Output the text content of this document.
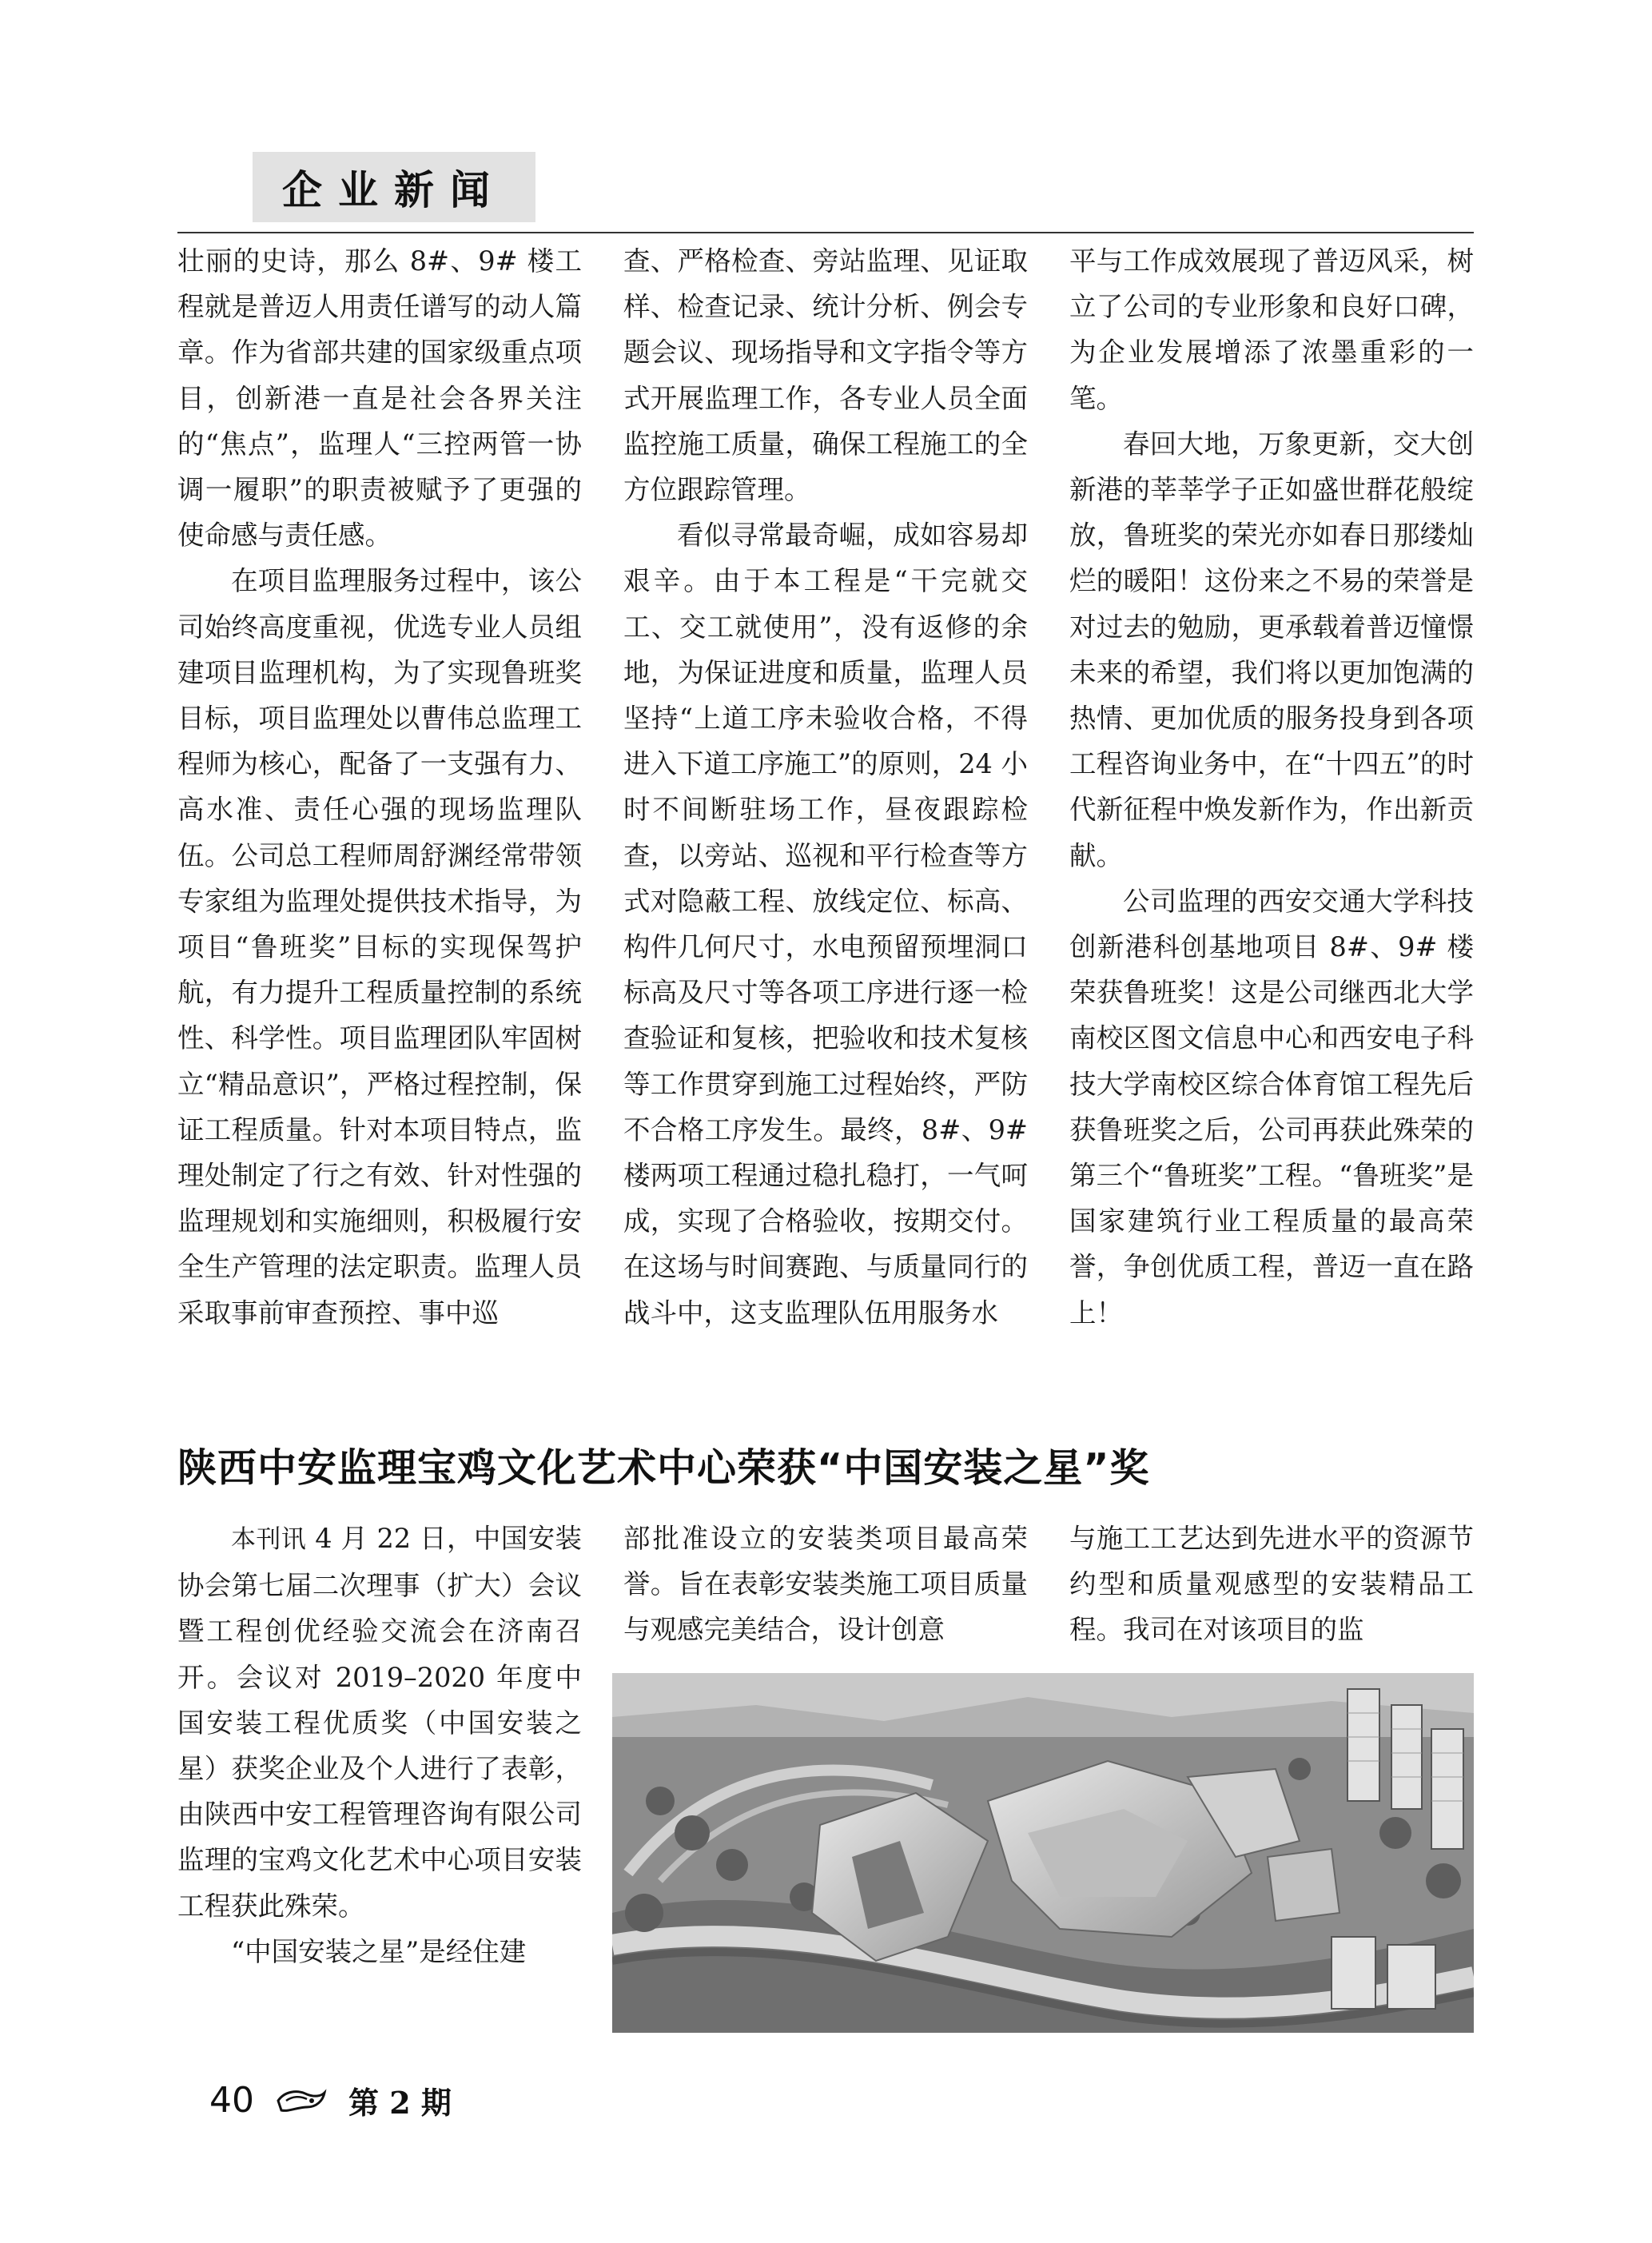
企业新闻

壮丽的史诗，那么 8#、9# 楼工程就是普迈人用责任谱写的动人篇章。作为省部共建的国家级重点项目，创新港一直是社会各界关注的“焦点”，监理人“三控两管一协调一履职”的职责被赋予了更强的使命感与责任感。

在项目监理服务过程中，该公司始终高度重视，优选专业人员组建项目监理机构，为了实现鲁班奖目标，项目监理处以曹伟总监理工程师为核心，配备了一支强有力、高水准、责任心强的现场监理队伍。公司总工程师周舒渊经常带领专家组为监理处提供技术指导，为项目“鲁班奖”目标的实现保驾护航，有力提升工程质量控制的系统性、科学性。项目监理团队牢固树立“精品意识”，严格过程控制，保证工程质量。针对本项目特点，监理处制定了行之有效、针对性强的监理规划和实施细则，积极履行安全生产管理的法定职责。监理人员采取事前审查预控、事中巡

查、严格检查、旁站监理、见证取样、检查记录、统计分析、例会专题会议、现场指导和文字指令等方式开展监理工作，各专业人员全面监控施工质量，确保工程施工的全方位跟踪管理。

看似寻常最奇崛，成如容易却艰辛。由于本工程是“干完就交工、交工就使用”，没有返修的余地，为保证进度和质量，监理人员坚持“上道工序未验收合格，不得进入下道工序施工”的原则，24 小时不间断驻场工作，昼夜跟踪检查，以旁站、巡视和平行检查等方式对隐蔽工程、放线定位、标高、构件几何尺寸，水电预留预埋洞口标高及尺寸等各项工序进行逐一检查验证和复核，把验收和技术复核等工作贯穿到施工过程始终，严防不合格工序发生。最终，8#、9# 楼两项工程通过稳扎稳打，一气呵成，实现了合格验收，按期交付。在这场与时间赛跑、与质量同行的战斗中，这支监理队伍用服务水

平与工作成效展现了普迈风采，树立了公司的专业形象和良好口碑，为企业发展增添了浓墨重彩的一笔。

春回大地，万象更新，交大创新港的莘莘学子正如盛世群花般绽放，鲁班奖的荣光亦如春日那缕灿烂的暖阳！这份来之不易的荣誉是对过去的勉励，更承载着普迈憧憬未来的希望，我们将以更加饱满的热情、更加优质的服务投身到各项工程咨询业务中，在“十四五”的时代新征程中焕发新作为，作出新贡献。

公司监理的西安交通大学科技创新港科创基地项目 8#、9# 楼荣获鲁班奖！这是公司继西北大学南校区图文信息中心和西安电子科技大学南校区综合体育馆工程先后获鲁班奖之后，公司再获此殊荣的第三个“鲁班奖”工程。“鲁班奖”是国家建筑行业工程质量的最高荣誉，争创优质工程，普迈一直在路上！

陕西中安监理宝鸡文化艺术中心荣获“中国安装之星”奖

本刊讯 4 月 22 日，中国安装协会第七届二次理事（扩大）会议暨工程创优经验交流会在济南召开。会议对 2019–2020 年度中国安装工程优质奖（中国安装之星）获奖企业及个人进行了表彰，由陕西中安工程管理咨询有限公司监理的宝鸡文化艺术中心项目安装工程获此殊荣。

“中国安装之星”是经住建

部批准设立的安装类项目最高荣誉。旨在表彰安装类施工项目质量与观感完美结合，设计创意

与施工工艺达到先进水平的资源节约型和质量观感型的安装精品工程。我司在对该项目的监

40	第 2 期
